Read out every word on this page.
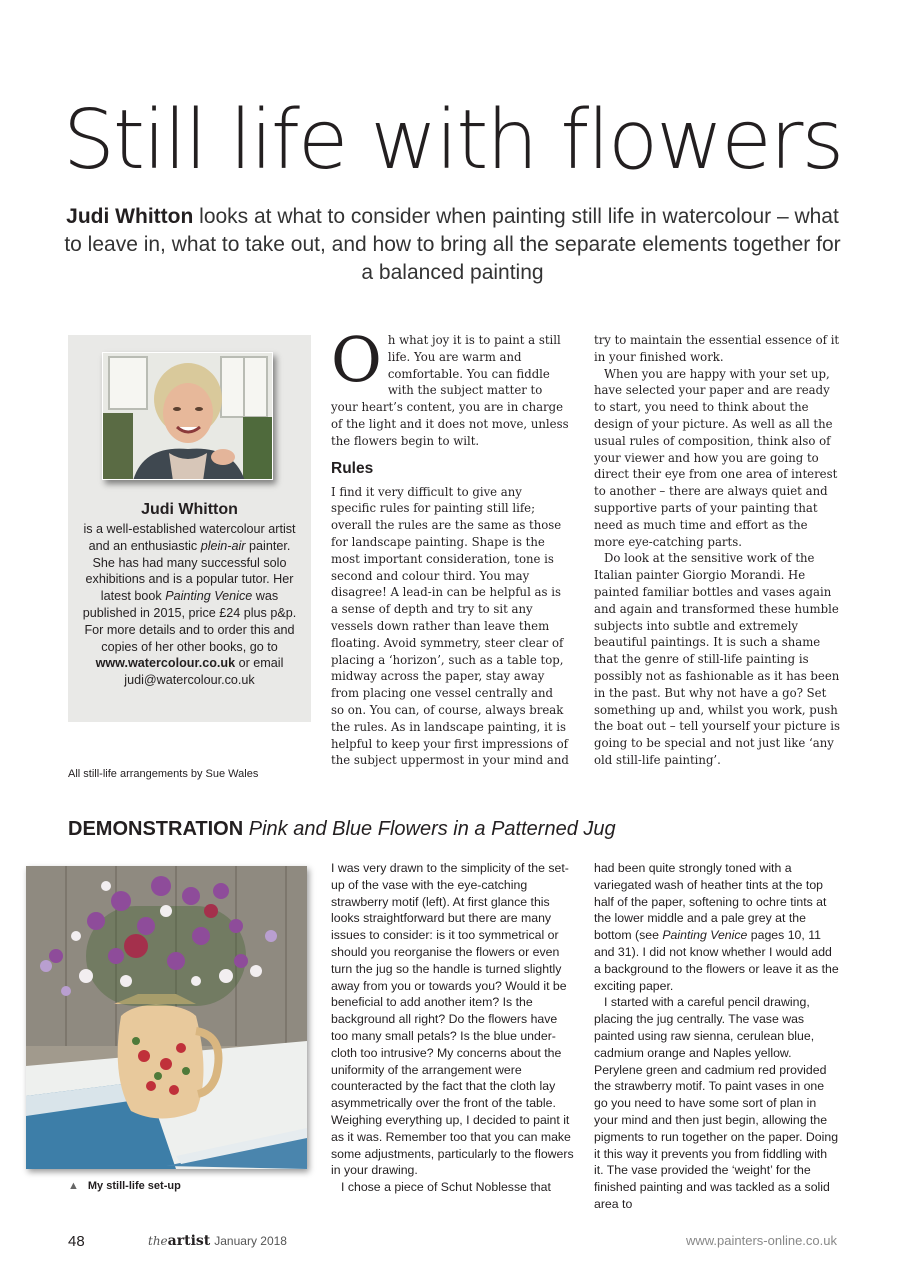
Still life with flowers
Judi Whitton looks at what to consider when painting still life in watercolour – what to leave in, what to take out, and how to bring all the separate elements together for a balanced painting
Judi Whitton
is a well-established watercolour artist and an enthusiastic plein-air painter. She has had many successful solo exhibitions and is a popular tutor. Her latest book Painting Venice was published in 2015, price £24 plus p&p. For more details and to order this and copies of her other books, go to www.watercolour.co.uk or email judi@watercolour.co.uk
All still-life arrangements by Sue Wales
O h what joy it is to paint a still life. You are warm and comfortable. You can fiddle with the subject matter to your heart’s content, you are in charge of the light and it does not move, unless the flowers begin to wilt.

Rules

I find it very difficult to give any specific rules for painting still life; overall the rules are the same as those for landscape painting. Shape is the most important consideration, tone is second and colour third. You may disagree! A lead-in can be helpful as is a sense of depth and try to sit any vessels down rather than leave them floating. Avoid symmetry, steer clear of placing a ‘horizon’, such as a table top, midway across the paper, stay away from placing one vessel centrally and so on. You can, of course, always break the rules. As in landscape painting, it is helpful to keep your first impressions of the subject uppermost in your mind and

try to maintain the essential essence of it in your finished work.

When you are happy with your set up, have selected your paper and are ready to start, you need to think about the design of your picture. As well as all the usual rules of composition, think also of your viewer and how you are going to direct their eye from one area of interest to another – there are always quiet and supportive parts of your painting that need as much time and effort as the more eye-catching parts.

Do look at the sensitive work of the Italian painter Giorgio Morandi. He painted familiar bottles and vases again and again and transformed these humble subjects into subtle and extremely beautiful paintings. It is such a shame that the genre of still-life painting is possibly not as fashionable as it has been in the past. But why not have a go? Set something up and, whilst you work, push the boat out – tell yourself your picture is going to be special and not just like ‘any old still-life painting’.

DEMONSTRATION Pink and Blue Flowers in a Patterned Jug
▲ My still-life set-up

I was very drawn to the simplicity of the set-up of the vase with the eye-catching strawberry motif (left). At first glance this looks straightforward but there are many issues to consider: is it too symmetrical or should you reorganise the flowers or even turn the jug so the handle is turned slightly away from you or towards you? Would it be beneficial to add another item? Is the background all right? Do the flowers have too many small petals? Is the blue under-cloth too intrusive? My concerns about the uniformity of the arrangement were counteracted by the fact that the cloth lay asymmetrically over the front of the table. Weighing everything up, I decided to paint it as it was. Remember too that you can make some adjustments, particularly to the flowers in your drawing.

I chose a piece of Schut Noblesse that

had been quite strongly toned with a variegated wash of heather tints at the top half of the paper, softening to ochre tints at the lower middle and a pale grey at the bottom (see Painting Venice pages 10, 11 and 31). I did not know whether I would add a background to the flowers or leave it as the exciting paper.

I started with a careful pencil drawing, placing the jug centrally. The vase was painted using raw sienna, cerulean blue, cadmium orange and Naples yellow. Perylene green and cadmium red provided the strawberry motif. To paint vases in one go you need to have some sort of plan in your mind and then just begin, allowing the pigments to run together on the paper. Doing it this way it prevents you from fiddling with it. The vase provided the ‘weight’ for the finished painting and was tackled as a solid area to

48	theartist January 2018	www.painters-online.co.uk
